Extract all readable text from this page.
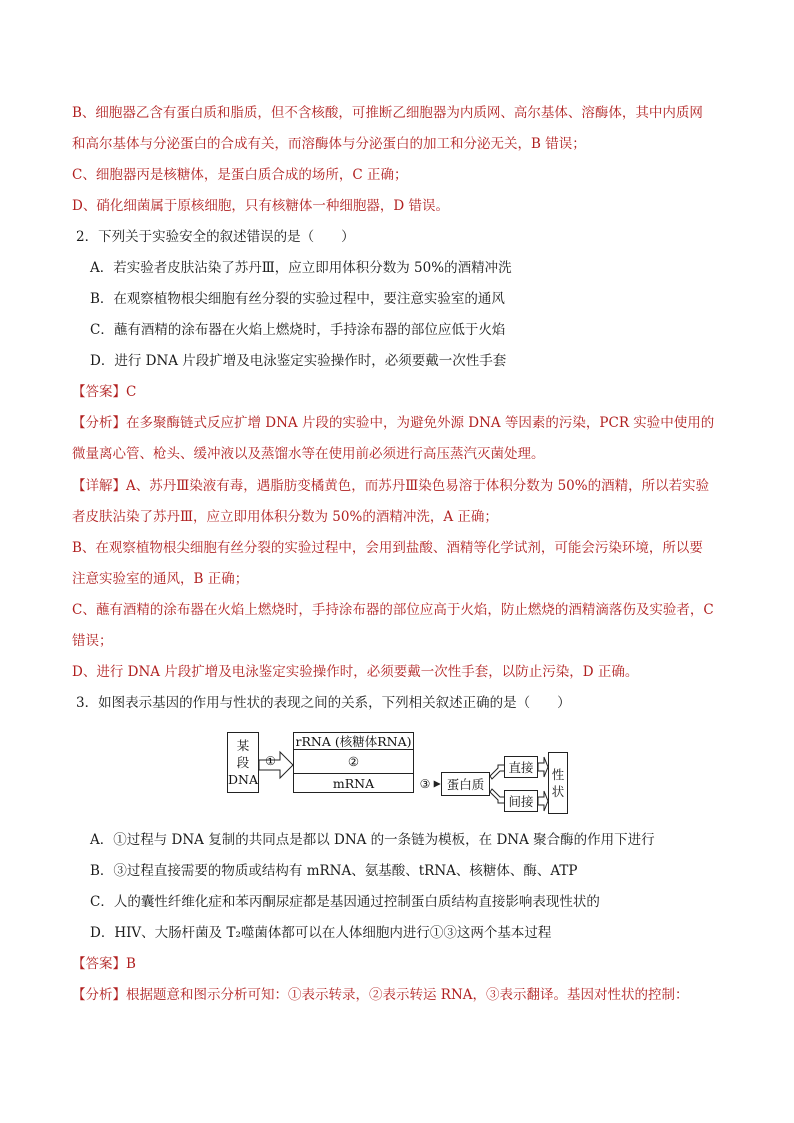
B、细胞器乙含有蛋白质和脂质，但不含核酸，可推断乙细胞器为内质网、高尔基体、溶酶体，其中内质网
和高尔基体与分泌蛋白的合成有关，而溶酶体与分泌蛋白的加工和分泌无关，B 错误；
C、细胞器丙是核糖体，是蛋白质合成的场所，C 正确；
D、硝化细菌属于原核细胞，只有核糖体一种细胞器，D 错误。
2．下列关于实验安全的叙述错误的是（　　）
A．若实验者皮肤沾染了苏丹Ⅲ，应立即用体积分数为 50%的酒精冲洗
B．在观察植物根尖细胞有丝分裂的实验过程中，要注意实验室的通风
C．蘸有酒精的涂布器在火焰上燃烧时，手持涂布器的部位应低于火焰
D．进行 DNA 片段扩增及电泳鉴定实验操作时，必须要戴一次性手套
【答案】C
【分析】在多聚酶链式反应扩增 DNA 片段的实验中，为避免外源 DNA 等因素的污染，PCR 实验中使用的
微量离心管、枪头、缓冲液以及蒸馏水等在使用前必须进行高压蒸汽灭菌处理。
【详解】A、苏丹Ⅲ染液有毒，遇脂肪变橘黄色，而苏丹Ⅲ染色易溶于体积分数为 50%的酒精，所以若实验
者皮肤沾染了苏丹Ⅲ，应立即用体积分数为 50%的酒精冲洗，A 正确；
B、在观察植物根尖细胞有丝分裂的实验过程中，会用到盐酸、酒精等化学试剂，可能会污染环境，所以要
注意实验室的通风，B 正确；
C、蘸有酒精的涂布器在火焰上燃烧时，手持涂布器的部位应高于火焰，防止燃烧的酒精滴落伤及实验者，C
错误；
D、进行 DNA 片段扩增及电泳鉴定实验操作时，必须要戴一次性手套，以防止污染，D 正确。
3．如图表示基因的作用与性状的表现之间的关系，下列相关叙述正确的是（　　）
某
段
DNA
①
rRNA (核糖体RNA)
②
mRNA	③	蛋白质
直接
间接
性
状
A．①过程与 DNA 复制的共同点是都以 DNA 的一条链为模板，在 DNA 聚合酶的作用下进行
B．③过程直接需要的物质或结构有 mRNA、氨基酸、tRNA、核糖体、酶、ATP
C．人的囊性纤维化症和苯丙酮尿症都是基因通过控制蛋白质结构直接影响表现性状的
D．HIV、大肠杆菌及 T₂噬菌体都可以在人体细胞内进行①③这两个基本过程
【答案】B
【分析】根据题意和图示分析可知：①表示转录，②表示转运 RNA，③表示翻译。基因对性状的控制：
